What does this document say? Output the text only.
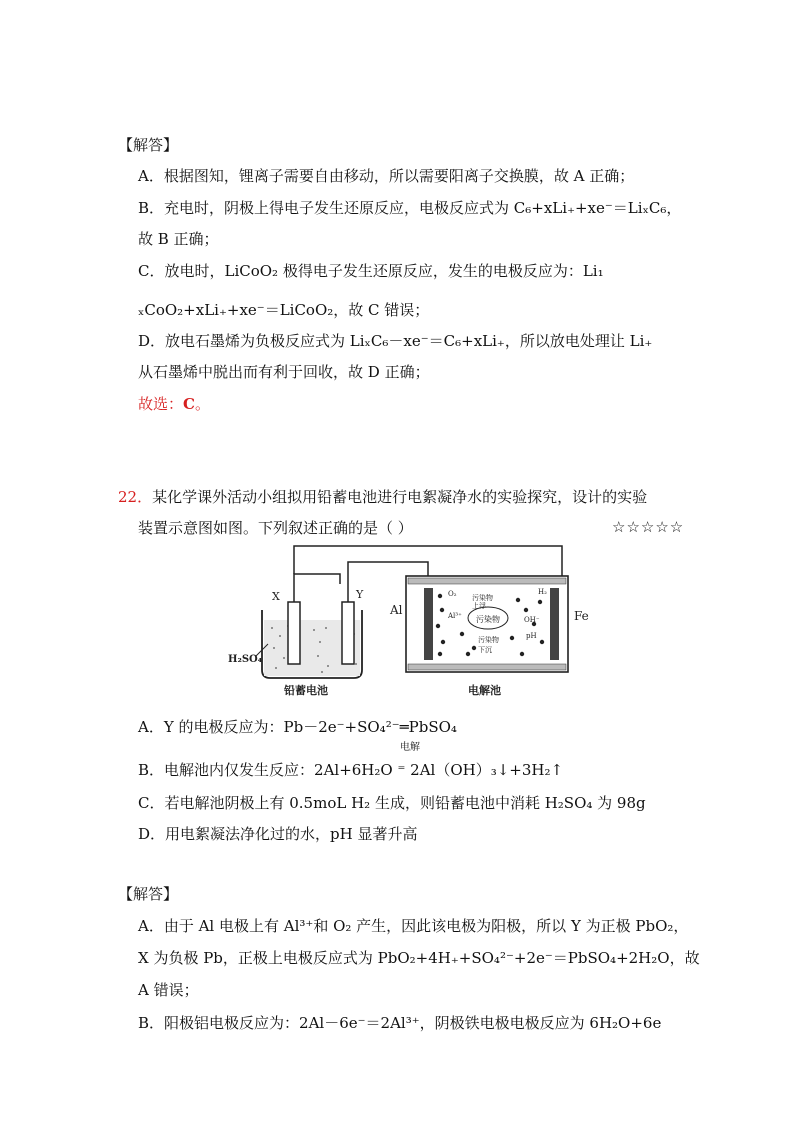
【解答】
A．根据图知，锂离子需要自由移动，所以需要阳离子交换膜，故 A 正确；
B．充电时，阴极上得电子发生还原反应，电极反应式为 C₆+xLi₊+xe⁻＝LiₓC₆，
故 B 正确；
C．放电时，LiCoO₂ 极得电子发生还原反应，发生的电极反应为：Li₁
ₓCoO₂+xLi₊+xe⁻＝LiCoO₂，故 C 错误；
D．放电石墨烯为负极反应式为 LiₓC₆－xe⁻＝C₆+xLi₊，所以放电处理让 Li₊
从石墨烯中脱出而有利于回收，故 D 正确；
故选：C。
22．某化学课外活动小组拟用铅蓄电池进行电絮凝净水的实验探究，设计的实验
装置示意图如图。下列叙述正确的是（ ）	☆☆☆☆☆
X	Y
H₂SO₄
铅蓄电池
Al	Fe
污染物
污染物
O₂
上浮
Al³⁺	OH⁻
污染物
下沉
H₂
pH
电解池
A．Y 的电极反应为：Pb－2e⁻+SO₄²⁻═PbSO₄
电解
B．电解池内仅发生反应：2Al+6H₂O ⁼ 2Al（OH）₃↓+3H₂↑
C．若电解池阴极上有 0.5moL H₂ 生成，则铅蓄电池中消耗 H₂SO₄ 为 98g
D．用电絮凝法净化过的水，pH 显著升高
【解答】
A．由于 Al 电极上有 Al³⁺和 O₂ 产生，因此该电极为阳极，所以 Y 为正极 PbO₂，
X 为负极 Pb，正极上电极反应式为 PbO₂+4H₊+SO₄²⁻+2e⁻＝PbSO₄+2H₂O，故
A 错误；
B．阳极铝电极反应为：2Al－6e⁻＝2Al³⁺，阴极铁电极电极反应为 6H₂O+6e
